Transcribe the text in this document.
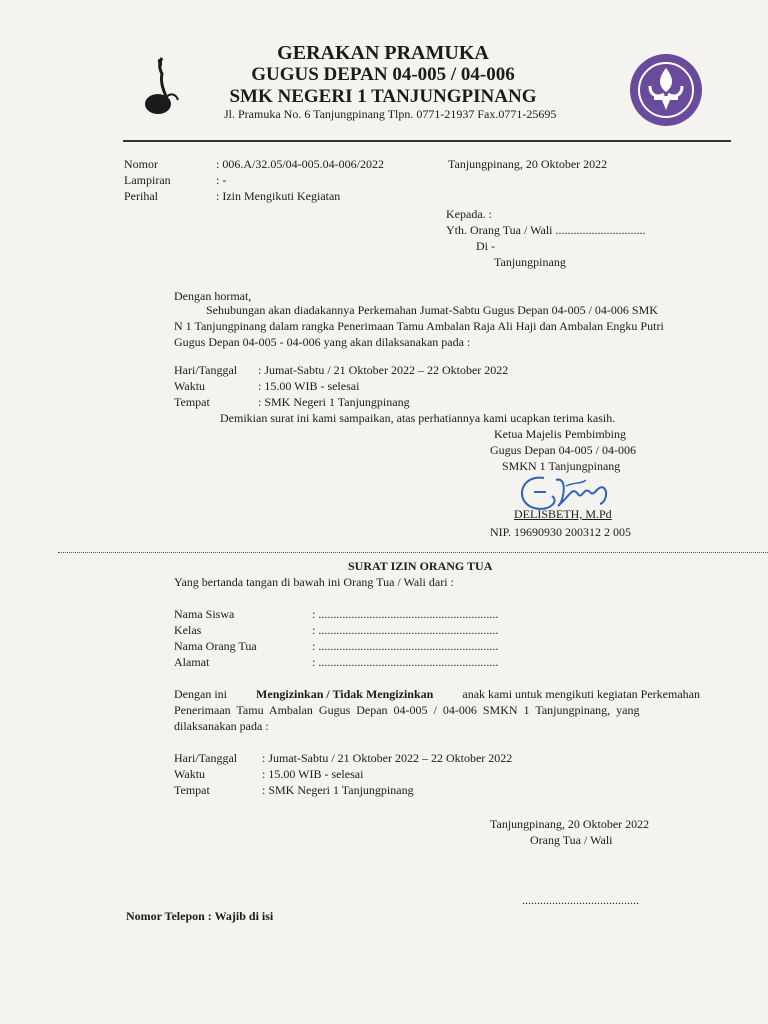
GERAKAN PRAMUKA
GUGUS DEPAN 04-005 / 04-006
SMK NEGERI 1 TANJUNGPINANG
Jl. Pramuka No. 6 Tanjungpinang Tlpn. 0771-21937 Fax.0771-25695
Nomor	: 006.A/32.05/04-005.04-006/2022	Tanjungpinang, 20 Oktober 2022
Lampiran	: -
Perihal	: Izin Mengikuti Kegiatan
Kepada. :
Yth. Orang Tua / Wali ..............................
Di -
Tanjungpinang
Dengan hormat,
Sehubungan akan diadakannya Perkemahan Jumat-Sabtu Gugus Depan 04-005 / 04-006 SMK
N 1 Tanjungpinang dalam rangka Penerimaan Tamu Ambalan Raja Ali Haji dan Ambalan Engku Putri
Gugus Depan 04-005 - 04-006 yang akan dilaksanakan pada :
Hari/Tanggal : Jumat-Sabtu / 21 Oktober 2022 – 22 Oktober 2022
Waktu	: 15.00 WIB - selesai
Tempat	: SMK Negeri 1 Tanjungpinang
Demikian surat ini kami sampaikan, atas perhatiannya kami ucapkan terima kasih.
Ketua Majelis Pembimbing
Gugus Depan 04-005 / 04-006
SMKN 1 Tanjungpinang
DELISBETH, M.Pd
NIP. 19690930 200312 2 005
SURAT IZIN ORANG TUA
Yang bertanda tangan di bawah ini Orang Tua / Wali dari :
Nama Siswa	: ............................................................
Kelas	: ............................................................
Nama Orang Tua	: ............................................................
Alamat	: ............................................................
Dengan ini Mengizinkan / Tidak Mengizinkan anak kami untuk mengikuti kegiatan Perkemahan
Penerimaan Tamu Ambalan Gugus Depan 04-005 / 04-006 SMKN 1 Tanjungpinang, yang
dilaksanakan pada :
Hari/Tanggal : Jumat-Sabtu / 21 Oktober 2022 – 22 Oktober 2022
Waktu	: 15.00 WIB - selesai
Tempat	: SMK Negeri 1 Tanjungpinang
Tanjungpinang, 20 Oktober 2022
Orang Tua / Wali
.......................................
Nomor Telepon : Wajib di isi
